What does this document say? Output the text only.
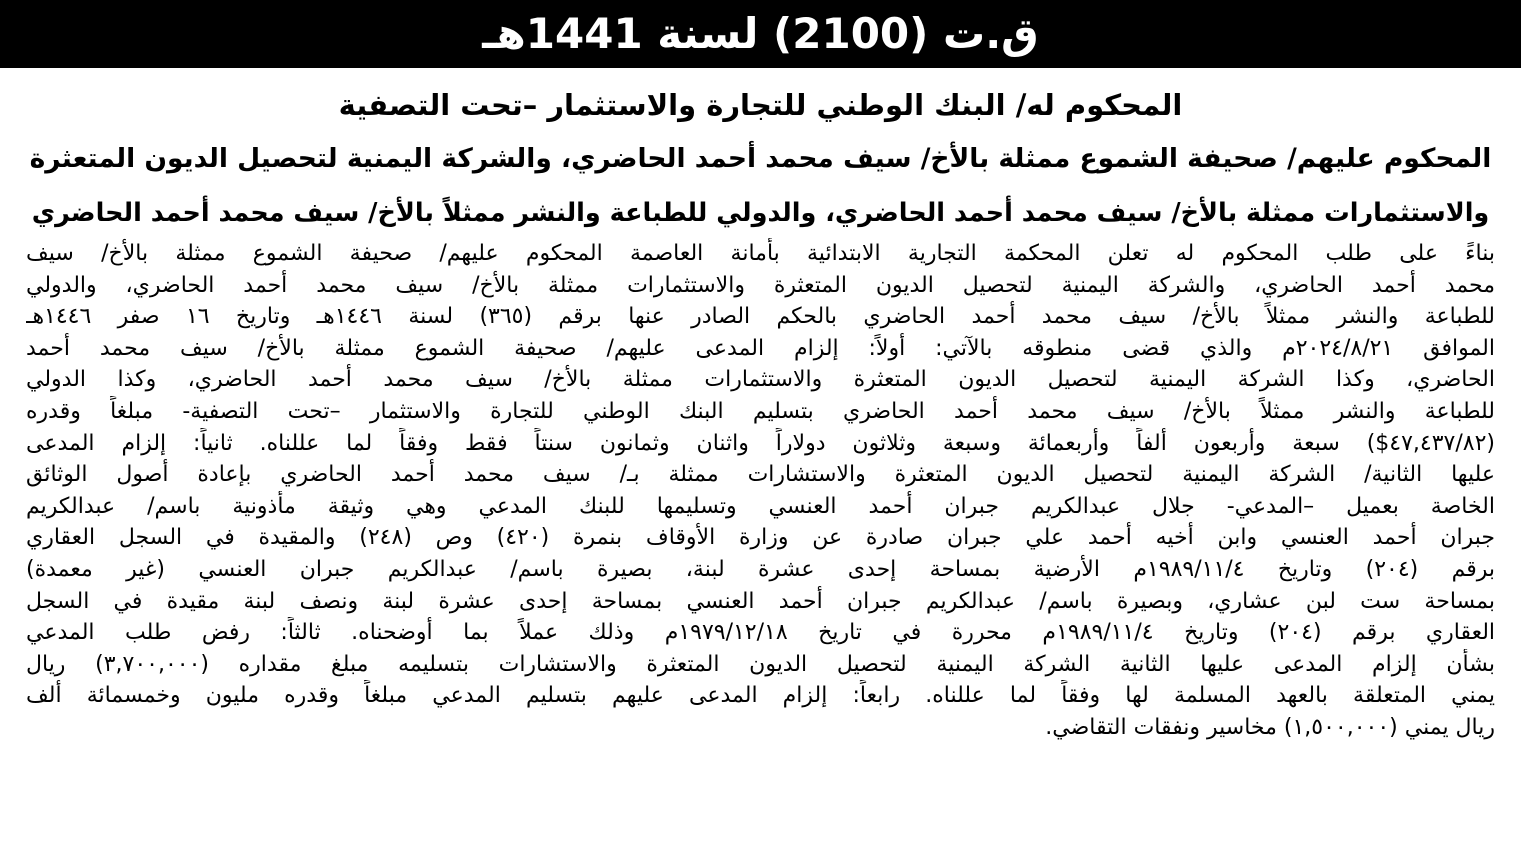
ق.ت (2100) لسنة 1441هـ
المحكوم له/ البنك الوطني للتجارة والاستثمار –تحت التصفية
المحكوم عليهم/ صحيفة الشموع ممثلة بالأخ/ سيف محمد أحمد الحاضري، والشركة اليمنية لتحصيل الديون المتعثرة
والاستثمارات ممثلة بالأخ/ سيف محمد أحمد الحاضري، والدولي للطباعة والنشر ممثلاً بالأخ/ سيف محمد أحمد الحاضري
بناءً على طلب المحكوم له تعلن المحكمة التجارية الابتدائية بأمانة العاصمة المحكوم عليهم/ صحيفة الشموع ممثلة بالأخ/ سيف
محمد أحمد الحاضري، والشركة اليمنية لتحصيل الديون المتعثرة والاستثمارات ممثلة بالأخ/ سيف محمد أحمد الحاضري، والدولي
للطباعة والنشر ممثلاً بالأخ/ سيف محمد أحمد الحاضري بالحكم الصادر عنها برقم (٣٦٥) لسنة ١٤٤٦هـ وتاريخ ١٦ صفر ١٤٤٦هـ
الموافق ٢٠٢٤/٨/٢١م والذي قضى منطوقه بالآتي: أولاً: إلزام المدعى عليهم/ صحيفة الشموع ممثلة بالأخ/ سيف محمد أحمد
الحاضري، وكذا الشركة اليمنية لتحصيل الديون المتعثرة والاستثمارات ممثلة بالأخ/ سيف محمد أحمد الحاضري، وكذا الدولي
للطباعة والنشر ممثلاً بالأخ/ سيف محمد أحمد الحاضري بتسليم البنك الوطني للتجارة والاستثمار –تحت التصفية- مبلغاً وقدره
(٤٧,٤٣٧/٨٢$) سبعة وأربعون ألفاً وأربعمائة وسبعة وثلاثون دولاراً واثنان وثمانون سنتاً فقط وفقاً لما عللناه. ثانياً: إلزام المدعى
عليها الثانية/ الشركة اليمنية لتحصيل الديون المتعثرة والاستشارات ممثلة بـ/ سيف محمد أحمد الحاضري بإعادة أصول الوثائق
الخاصة بعميل –المدعي- جلال عبدالكريم جبران أحمد العنسي وتسليمها للبنك المدعي وهي وثيقة مأذونية باسم/ عبدالكريم
جبران أحمد العنسي وابن أخيه أحمد علي جبران صادرة عن وزارة الأوقاف بنمرة (٤٢٠) وص (٢٤٨) والمقيدة في السجل العقاري
برقم (٢٠٤) وتاريخ ١٩٨٩/١١/٤م الأرضية بمساحة إحدى عشرة لبنة، بصيرة باسم/ عبدالكريم جبران العنسي (غير معمدة)
بمساحة ست لبن عشاري، وبصيرة باسم/ عبدالكريم جبران أحمد العنسي بمساحة إحدى عشرة لبنة ونصف لبنة مقيدة في السجل
العقاري برقم (٢٠٤) وتاريخ ١٩٨٩/١١/٤م محررة في تاريخ ١٩٧٩/١٢/١٨م وذلك عملاً بما أوضحناه. ثالثاً: رفض طلب المدعي
بشأن إلزام المدعى عليها الثانية الشركة اليمنية لتحصيل الديون المتعثرة والاستشارات بتسليمه مبلغ مقداره (٣,٧٠٠,٠٠٠) ريال
يمني المتعلقة بالعهد المسلمة لها وفقاً لما عللناه. رابعاً: إلزام المدعى عليهم بتسليم المدعي مبلغاً وقدره مليون وخمسمائة ألف
ريال يمني (١,٥٠٠,٠٠٠) مخاسير ونفقات التقاضي.
